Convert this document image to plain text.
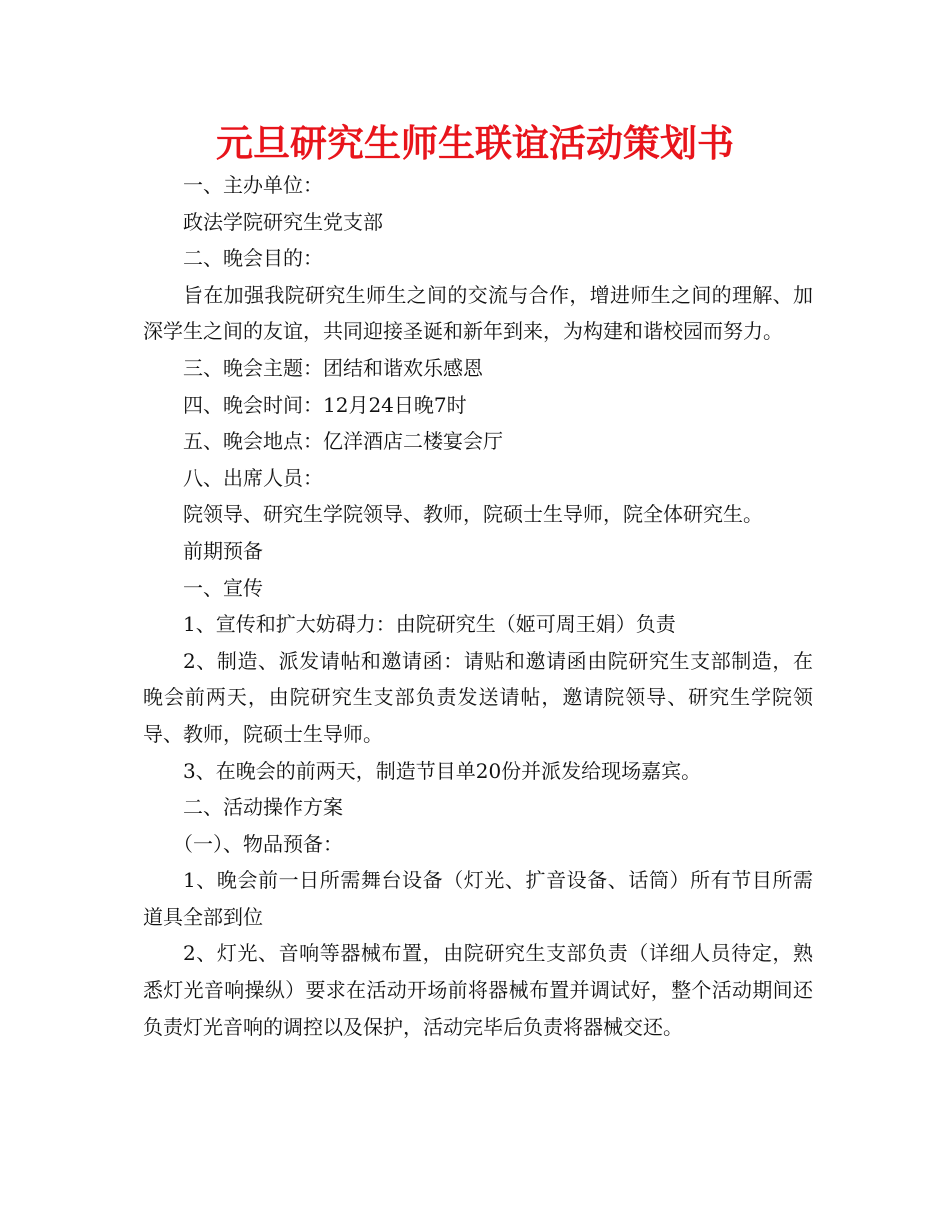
元旦研究生师生联谊活动策划书

一、主办单位：

政法学院研究生党支部

二、晚会目的：

旨在加强我院研究生师生之间的交流与合作，增进师生之间的理解、加深学生之间的友谊，共同迎接圣诞和新年到来，为构建和谐校园而努力。

三、晚会主题：团结和谐欢乐感恩

四、晚会时间：12月24日晚7时

五、晚会地点：亿洋酒店二楼宴会厅

八、出席人员：

院领导、研究生学院领导、教师，院硕士生导师，院全体研究生。

前期预备

一、宣传

1、宣传和扩大妨碍力：由院研究生（姬可周王娟）负责

2、制造、派发请帖和邀请函：请贴和邀请函由院研究生支部制造，在晚会前两天，由院研究生支部负责发送请帖，邀请院领导、研究生学院领导、教师，院硕士生导师。

3、在晚会的前两天，制造节目单20份并派发给现场嘉宾。

二、活动操作方案

（一）、物品预备：

1、晚会前一日所需舞台设备（灯光、扩音设备、话筒）所有节目所需道具全部到位

2、灯光、音响等器械布置，由院研究生支部负责（详细人员待定，熟悉灯光音响操纵）要求在活动开场前将器械布置并调试好，整个活动期间还负责灯光音响的调控以及保护，活动完毕后负责将器械交还。
